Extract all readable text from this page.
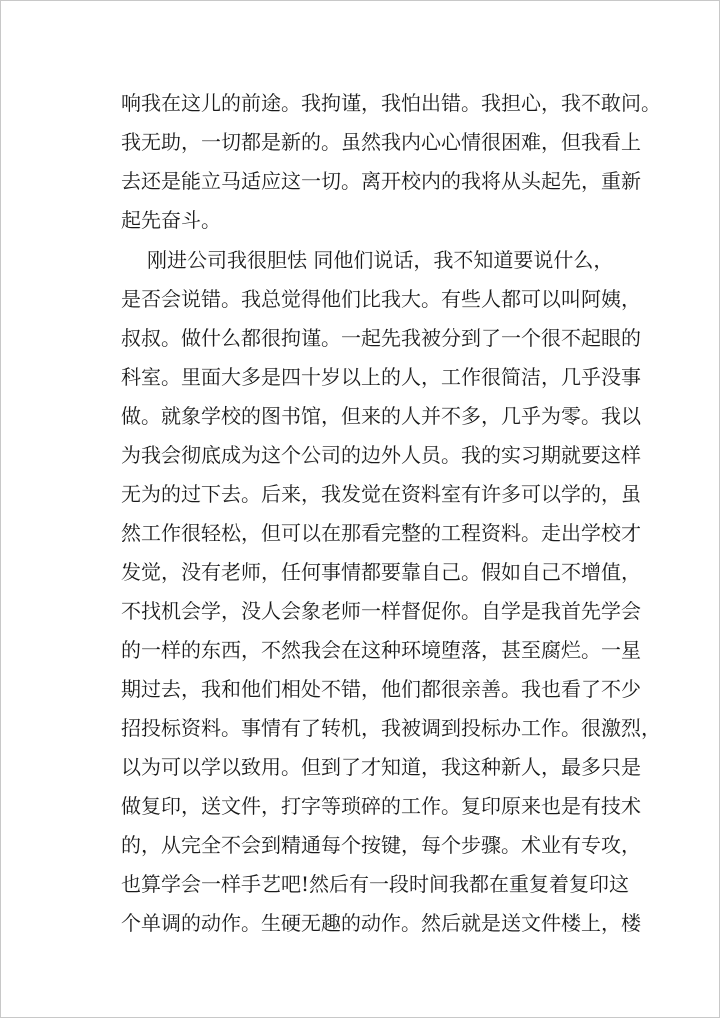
响我在这儿的前途。我拘谨，我怕出错。我担心，我不敢问。
我无助，一切都是新的。虽然我内心心情很困难，但我看上
去还是能立马适应这一切。离开校内的我将从头起先，重新
起先奋斗。
刚进公司我很胆怯 同他们说话，我不知道要说什么，
是否会说错。我总觉得他们比我大。有些人都可以叫阿姨，
叔叔。做什么都很拘谨。一起先我被分到了一个很不起眼的
科室。里面大多是四十岁以上的人，工作很简洁，几乎没事
做。就象学校的图书馆，但来的人并不多，几乎为零。我以
为我会彻底成为这个公司的边外人员。我的实习期就要这样
无为的过下去。后来，我发觉在资料室有许多可以学的，虽
然工作很轻松，但可以在那看完整的工程资料。走出学校才
发觉，没有老师，任何事情都要靠自己。假如自己不增值，
不找机会学，没人会象老师一样督促你。自学是我首先学会
的一样的东西，不然我会在这种环境堕落，甚至腐烂。一星
期过去，我和他们相处不错，他们都很亲善。我也看了不少
招投标资料。事情有了转机，我被调到投标办工作。很激烈，
以为可以学以致用。但到了才知道，我这种新人，最多只是
做复印，送文件，打字等琐碎的工作。复印原来也是有技术
的，从完全不会到精通每个按键，每个步骤。术业有专攻，
也算学会一样手艺吧!然后有一段时间我都在重复着复印这
个单调的动作。生硬无趣的动作。然后就是送文件楼上，楼
